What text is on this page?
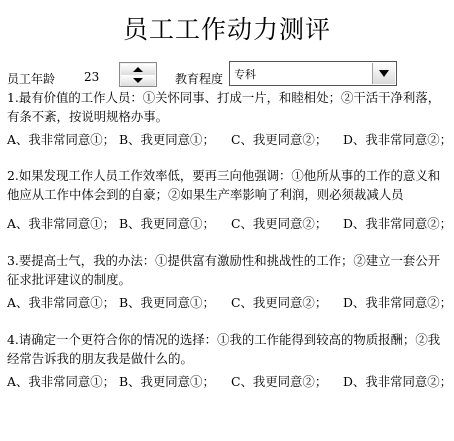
员工工作动力测评
员工年龄 23	教育程度 专科
1.最有价值的工作人员：①关怀同事、打成一片，和睦相处；②干活干净利落，有条不紊，按说明规格办事。
A、我非常同意①； B、我更同意①； C、我更同意②； D、我非常同意②；
2.如果发现工作人员工作效率低，要再三向他强调：①他所从事的工作的意义和他应从工作中体会到的自豪；②如果生产率影响了利润，则必须裁减人员
A、我非常同意①； B、我更同意①； C、我更同意②； D、我非常同意②；
3.要提高士气，我的办法：①提供富有激励性和挑战性的工作；②建立一套公开征求批评建议的制度。
A、我非常同意①； B、我更同意①； C、我更同意②； D、我非常同意②；
4.请确定一个更符合你的情况的选择：①我的工作能得到较高的物质报酬；②我经常告诉我的朋友我是做什么的。
A、我非常同意①； B、我更同意①； C、我更同意②； D、我非常同意②；
